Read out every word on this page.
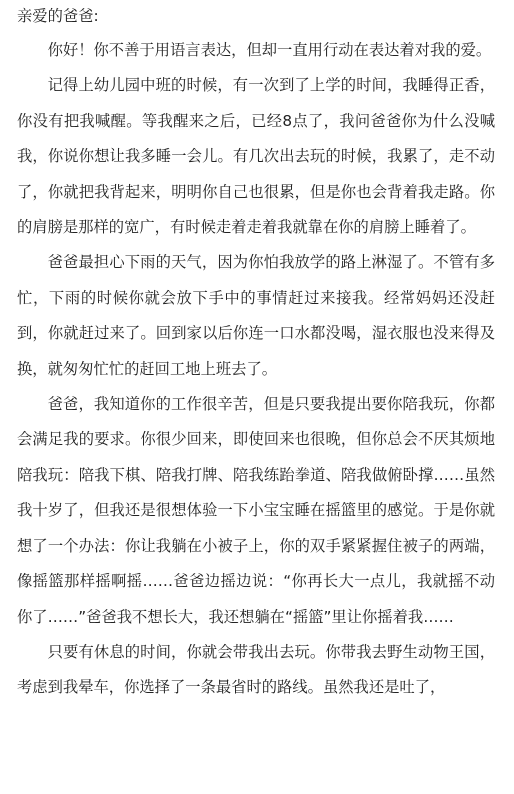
亲爱的爸爸:

你好！你不善于用语言表达，但却一直用行动在表达着对我的爱。

记得上幼儿园中班的时候，有一次到了上学的时间，我睡得正香，你没有把我喊醒。等我醒来之后，已经8点了，我问爸爸你为什么没喊我，你说你想让我多睡一会儿。有几次出去玩的时候，我累了，走不动了，你就把我背起来，明明你自己也很累，但是你也会背着我走路。你的肩膀是那样的宽广，有时候走着走着我就靠在你的肩膀上睡着了。

爸爸最担心下雨的天气，因为你怕我放学的路上淋湿了。不管有多忙，下雨的时候你就会放下手中的事情赶过来接我。经常妈妈还没赶到，你就赶过来了。回到家以后你连一口水都没喝，湿衣服也没来得及换，就匆匆忙忙的赶回工地上班去了。

爸爸，我知道你的工作很辛苦，但是只要我提出要你陪我玩，你都会满足我的要求。你很少回来，即使回来也很晚，但你总会不厌其烦地陪我玩：陪我下棋、陪我打牌、陪我练跆拳道、陪我做俯卧撑……虽然我十岁了，但我还是很想体验一下小宝宝睡在摇篮里的感觉。于是你就想了一个办法：你让我躺在小被子上，你的双手紧紧握住被子的两端，像摇篮那样摇啊摇……爸爸边摇边说：“你再长大一点儿，我就摇不动你了……”爸爸我不想长大，我还想躺在“摇篮”里让你摇着我……

只要有休息的时间，你就会带我出去玩。你带我去野生动物王国，考虑到我晕车，你选择了一条最省时的路线。虽然我还是吐了，
